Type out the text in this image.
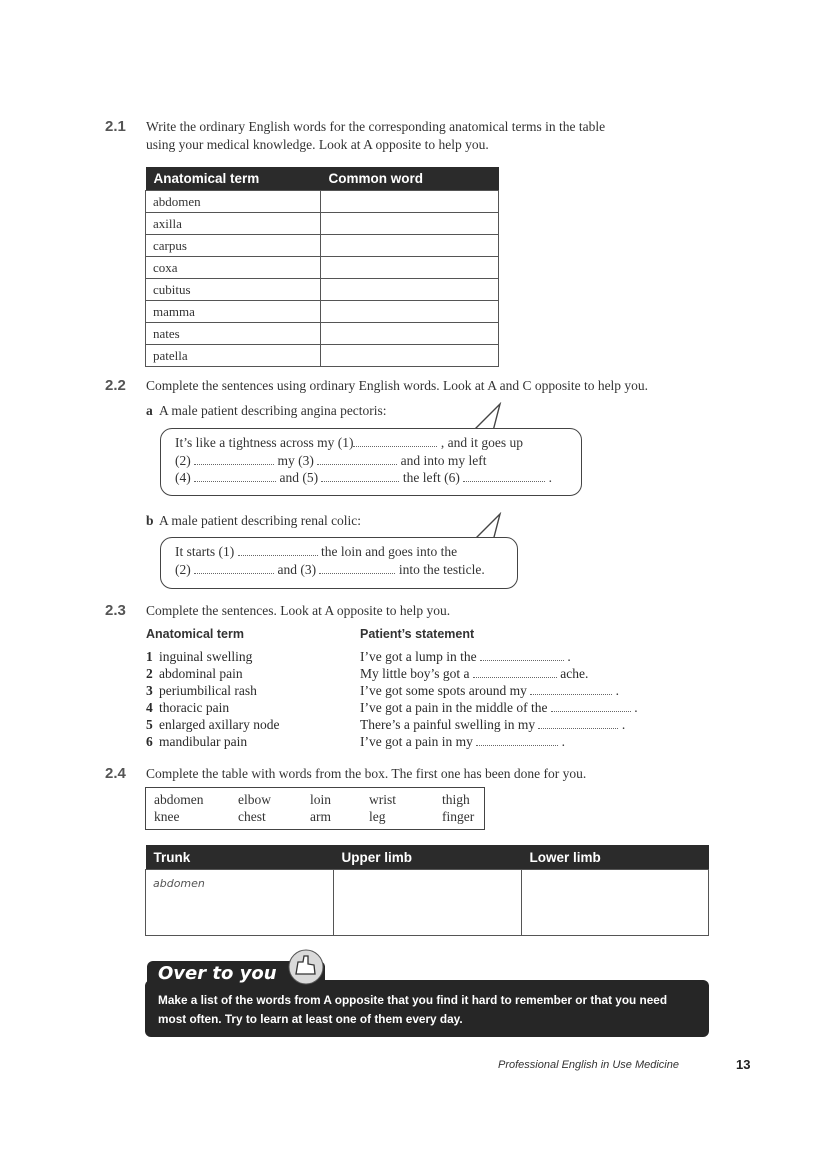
2.1 Write the ordinary English words for the corresponding anatomical terms in the table
using your medical knowledge. Look at A opposite to help you.
Anatomical term	Common word
abdomen	
axilla	
carpus	
coxa	
cubitus	
mamma	
nates	
patella	
2.2 Complete the sentences using ordinary English words. Look at A and C opposite to help you.
a A male patient describing angina pectoris:
It’s like a tightness across my (1)	, and it goes up
(2)	my (3)	and into my left
(4)	and (5)	the left (6)	.
b A male patient describing renal colic:
It starts (1)	the loin and goes into the
(2)	and (3)	into the testicle.
2.3 Complete the sentences. Look at A opposite to help you.
Anatomical term	Patient’s statement
1 inguinal swelling	I’ve got a lump in the	.
2 abdominal pain	My little boy’s got a	ache.
3 periumbilical rash	I’ve got some spots around my	.
4 thoracic pain	I’ve got a pain in the middle of the	.
5 enlarged axillary node	There’s a painful swelling in my	.
6 mandibular pain	I’ve got a pain in my	.
2.4 Complete the table with words from the box. The first one has been done for you.
abdomen	elbow	loin	wrist	thigh
knee	chest	arm	leg	finger
Trunk	Upper limb	Lower limb
abdomen		
Over to you
Make a list of the words from A opposite that you find it hard to remember or that you need most often. Try to learn at least one of them every day.
Professional English in Use Medicine	13
